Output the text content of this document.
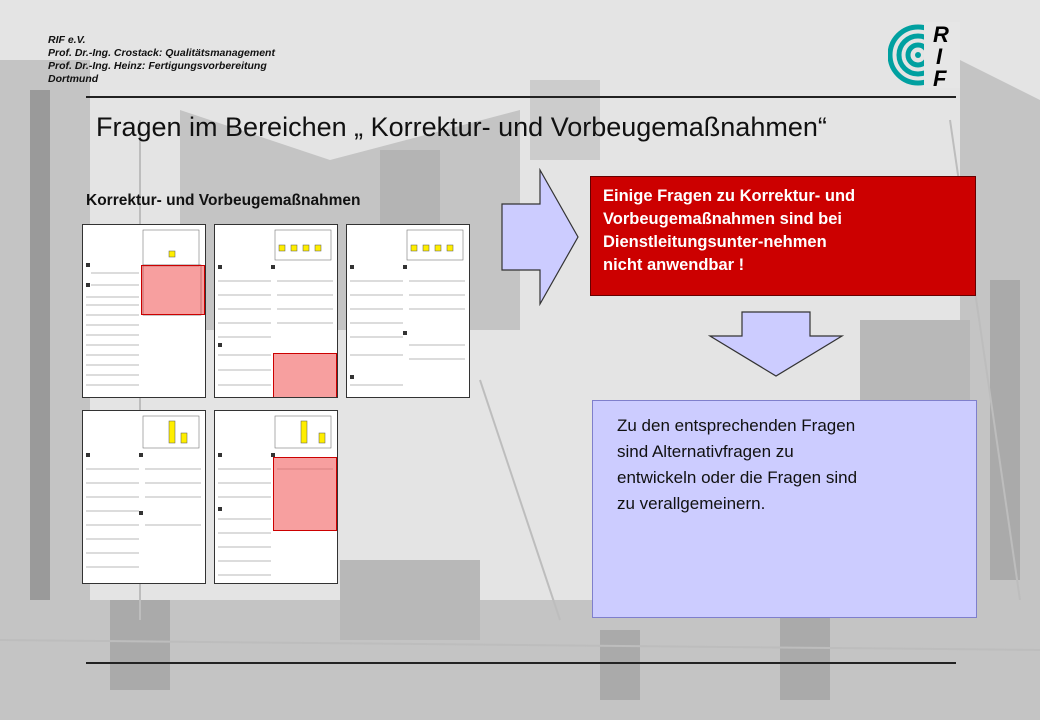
RIF e.V.
Prof. Dr.-Ing. Crostack: Qualitätsmanagement
Prof. Dr.-Ing. Heinz: Fertigungsvorbereitung
Dortmund
R
I
F
Fragen im Bereichen „ Korrektur- und Vorbeugemaßnahmen“
Korrektur- und Vorbeugemaßnahmen	Einige Fragen zu Korrektur- und
Vorbeugemaßnahmen sind bei
Dienstleitungsunter-nehmen
nicht anwendbar !
Zu den entsprechenden Fragen
sind Alternativfragen zu
entwickeln oder die Fragen sind
zu verallgemeinern.
